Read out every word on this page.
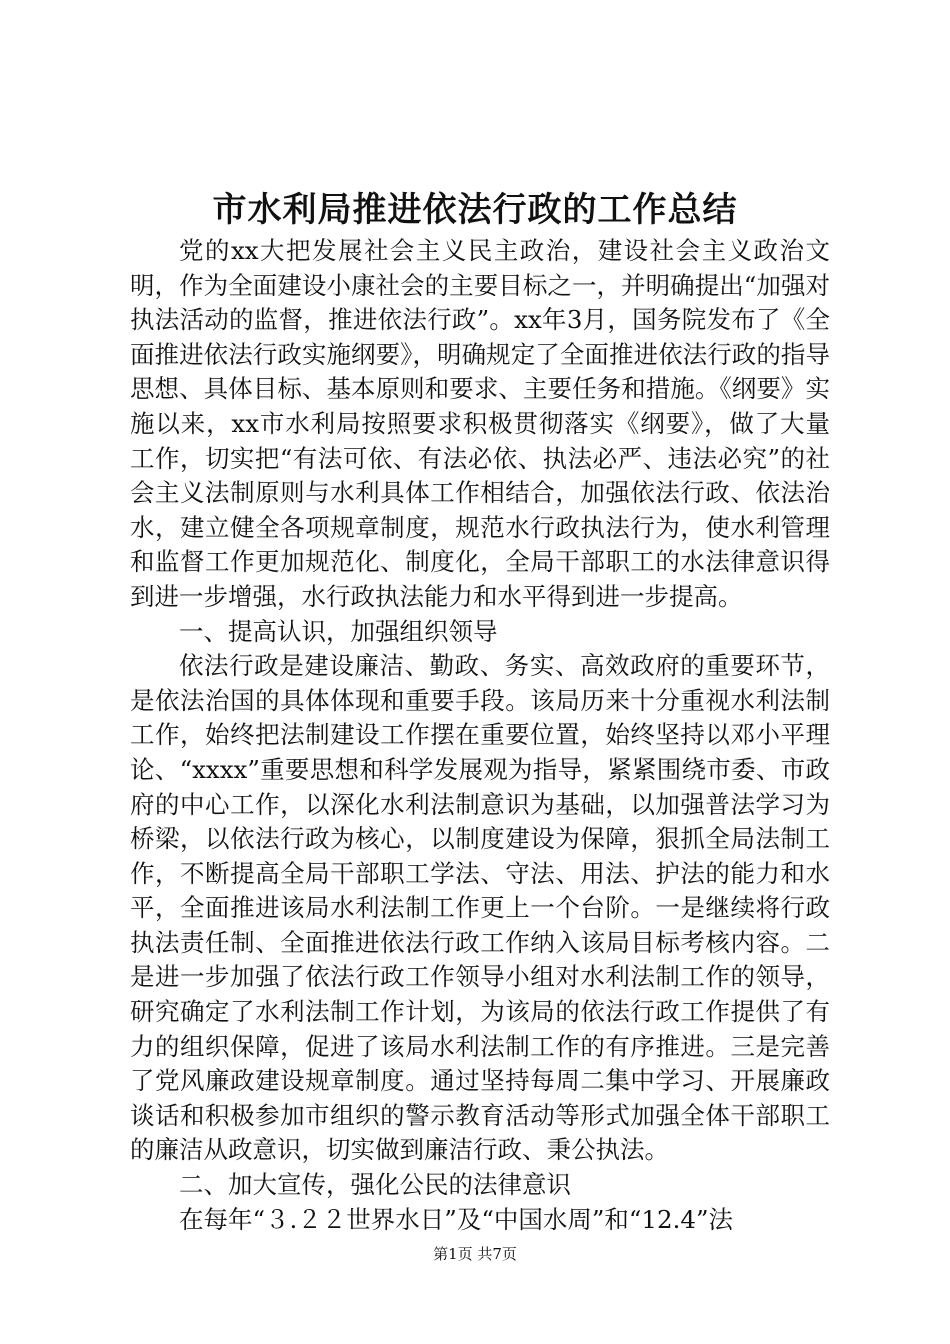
市水利局推进依法行政的工作总结

党的xx大把发展社会主义民主政治，建设社会主义政治文明，作为全面建设小康社会的主要目标之一，并明确提出“加强对执法活动的监督，推进依法行政”。xx年3月，国务院发布了《全面推进依法行政实施纲要》，明确规定了全面推进依法行政的指导思想、具体目标、基本原则和要求、主要任务和措施。《纲要》实施以来，xx市水利局按照要求积极贯彻落实《纲要》，做了大量工作，切实把“有法可依、有法必依、执法必严、违法必究”的社会主义法制原则与水利具体工作相结合，加强依法行政、依法治水，建立健全各项规章制度，规范水行政执法行为，使水利管理和监督工作更加规范化、制度化，全局干部职工的水法律意识得到进一步增强，水行政执法能力和水平得到进一步提高。

一、提高认识，加强组织领导

依法行政是建设廉洁、勤政、务实、高效政府的重要环节，是依法治国的具体体现和重要手段。该局历来十分重视水利法制工作，始终把法制建设工作摆在重要位置，始终坚持以邓小平理论、“xxxx”重要思想和科学发展观为指导，紧紧围绕市委、市政府的中心工作，以深化水利法制意识为基础，以加强普法学习为桥梁，以依法行政为核心，以制度建设为保障，狠抓全局法制工作，不断提高全局干部职工学法、守法、用法、护法的能力和水平，全面推进该局水利法制工作更上一个台阶。一是继续将行政执法责任制、全面推进依法行政工作纳入该局目标考核内容。二是进一步加强了依法行政工作领导小组对水利法制工作的领导，研究确定了水利法制工作计划，为该局的依法行政工作提供了有力的组织保障，促进了该局水利法制工作的有序推进。三是完善了党风廉政建设规章制度。通过坚持每周二集中学习、开展廉政谈话和积极参加市组织的警示教育活动等形式加强全体干部职工的廉洁从政意识，切实做到廉洁行政、秉公执法。

二、加大宣传，强化公民的法律意识

在每年“３.２２世界水日”及“中国水周”和“12.4”法

第1页 共7页
